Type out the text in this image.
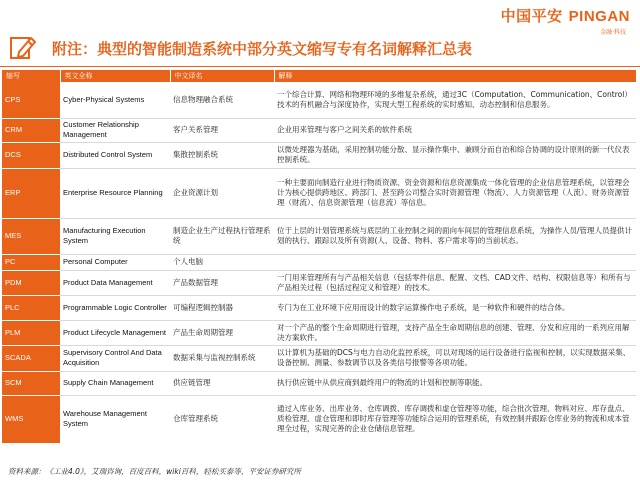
中国平安 PINGAN
金融·科技
附注：典型的智能制造系统中部分英文缩写专有名词解释汇总表
缩写	英文全称	中文译名	解释
CPS	Cyber-Physical Systems	信息物理融合系统	一个综合计算、网络和物理环境的多维复杂系统，通过3C（Computation、Communication、Control）技术的有机融合与深度协作，实现大型工程系统的实时感知、动态控制和信息服务。
CRM	Customer Relationship Management	客户关系管理	企业用来管理与客户之间关系的软件系统
DCS	Distributed Control System	集散控制系统	以微处理器为基础，采用控制功能分散、显示操作集中、兼顾分而自治和综合协调的设计原则的新一代仪表控制系统。
ERP	Enterprise Resource Planning	企业资源计划	一种主要面向制造行业进行物质资源、资金资源和信息资源集成一体化管理的企业信息管理系统，以管理会计为核心提供跨地区、跨部门、甚至跨公司整合实时资源管理（物流）、人力资源管理（人流）、财务资源管理（财流）、信息资源管理（信息流）等信息。
MES	Manufacturing Execution System	制造企业生产过程执行管理系统	位于上层的计划管理系统与底层的工业控制之间的面向车间层的管理信息系统，为操作人员/管理人员提供计划的执行、跟踪以及所有资源(人、设备、物料、客户需求等)的当前状态。
PC	Personal Computer	个人电脑	
PDM	Product Data Management	产品数据管理	一门用来管理所有与产品相关信息（包括零件信息、配置、文档、CAD文件、结构、权限信息等）和所有与产品相关过程（包括过程定义和管理）的技术。
PLC	Programmable Logic Controller	可编程逻辑控制器	专门为在工业环境下应用而设计的数字运算操作电子系统，是一种软件和硬件的结合体。
PLM	Product Lifecycle Management	产品生命周期管理	对一个产品的整个生命周期进行管理，支持产品全生命周期信息的创建、管理、分发和应用的一系列应用解决方案软件。
SCADA	Supervisory Control And Data Acquisition	数据采集与监视控制系统	以计算机为基础的DCS与电力自动化监控系统，可以对现场的运行设备进行监视和控制，以实现数据采集、设备控制、测量、参数调节以及各类信号报警等各项功能。
SCM	Supply Chain Management	供应链管理	执行供应链中从供应商到最终用户的物流的计划和控制等职能。
WMS	Warehouse Management System	仓库管理系统	通过入库业务、出库业务、仓库调拨、库存调拨和虚仓管理等功能，综合批次管理、物料对应、库存盘点、质检管理、虚仓管理和即时库存管理等功能综合运用的管理系统，有效控制并跟踪仓库业务的物流和成本管理全过程，实现完善的企业仓储信息管理。
资料来源：《工业4.0》，艾瑞咨询，百度百科，wiki百科，轻松买泰等，平安证券研究所
